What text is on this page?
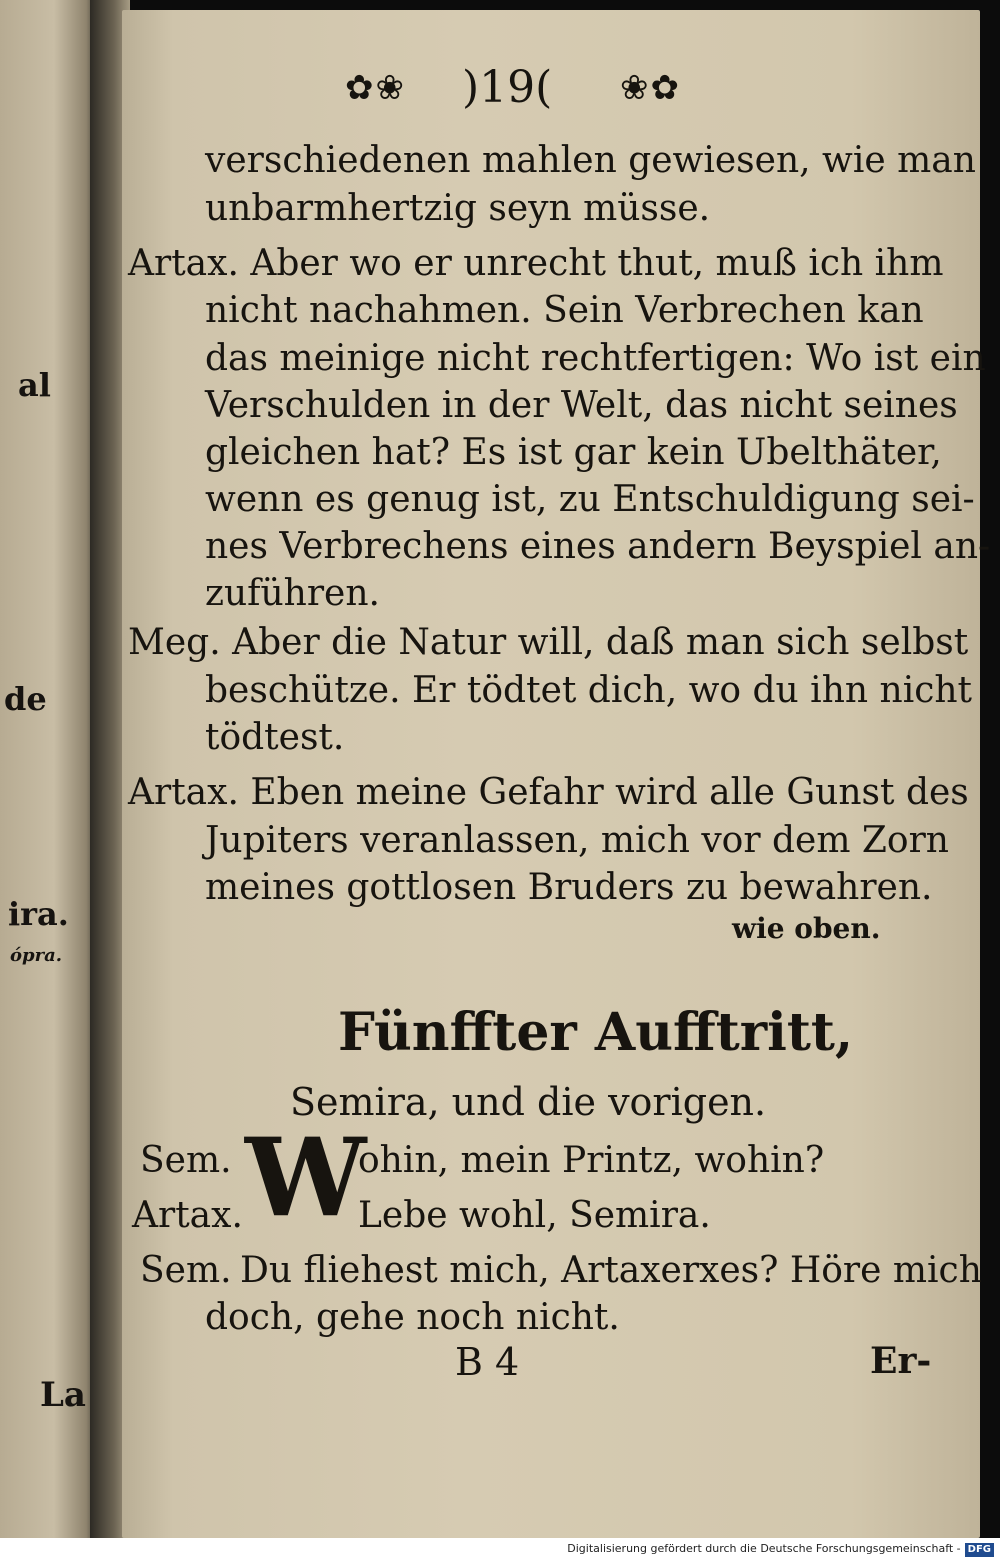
al
de
ira.
ópra.
La
✿❀ )19( ❀✿
verschiedenen mahlen gewiesen, wie man
unbarmhertzig seyn müsse.
Artax. Aber wo er unrecht thut, muß ich ihm
nicht nachahmen. Sein Verbrechen kan
das meinige nicht rechtfertigen: Wo ist ein
Verschulden in der Welt, das nicht seines
gleichen hat? Es ist gar kein Ubelthäter,
wenn es genug ist, zu Entschuldigung sei-
nes Verbrechens eines andern Beyspiel an-
zuführen.
Meg. Aber die Natur will, daß man sich selbst
beschütze. Er tödtet dich, wo du ihn nicht
tödtest.
Artax. Eben meine Gefahr wird alle Gunst des
Jupiters veranlassen, mich vor dem Zorn
meines gottlosen Bruders zu bewahren.
wie oben.
Fünffter Aufftritt,
Semira, und die vorigen.
W
Sem.	ohin, mein Printz, wohin?
Artax.	Lebe wohl, Semira.
Sem. Du fliehest mich, Artaxerxes? Höre mich
doch, gehe noch nicht.
B 4	Er-
Digitalisierung gefördert durch die Deutsche Forschungsgemeinschaft - DFG
